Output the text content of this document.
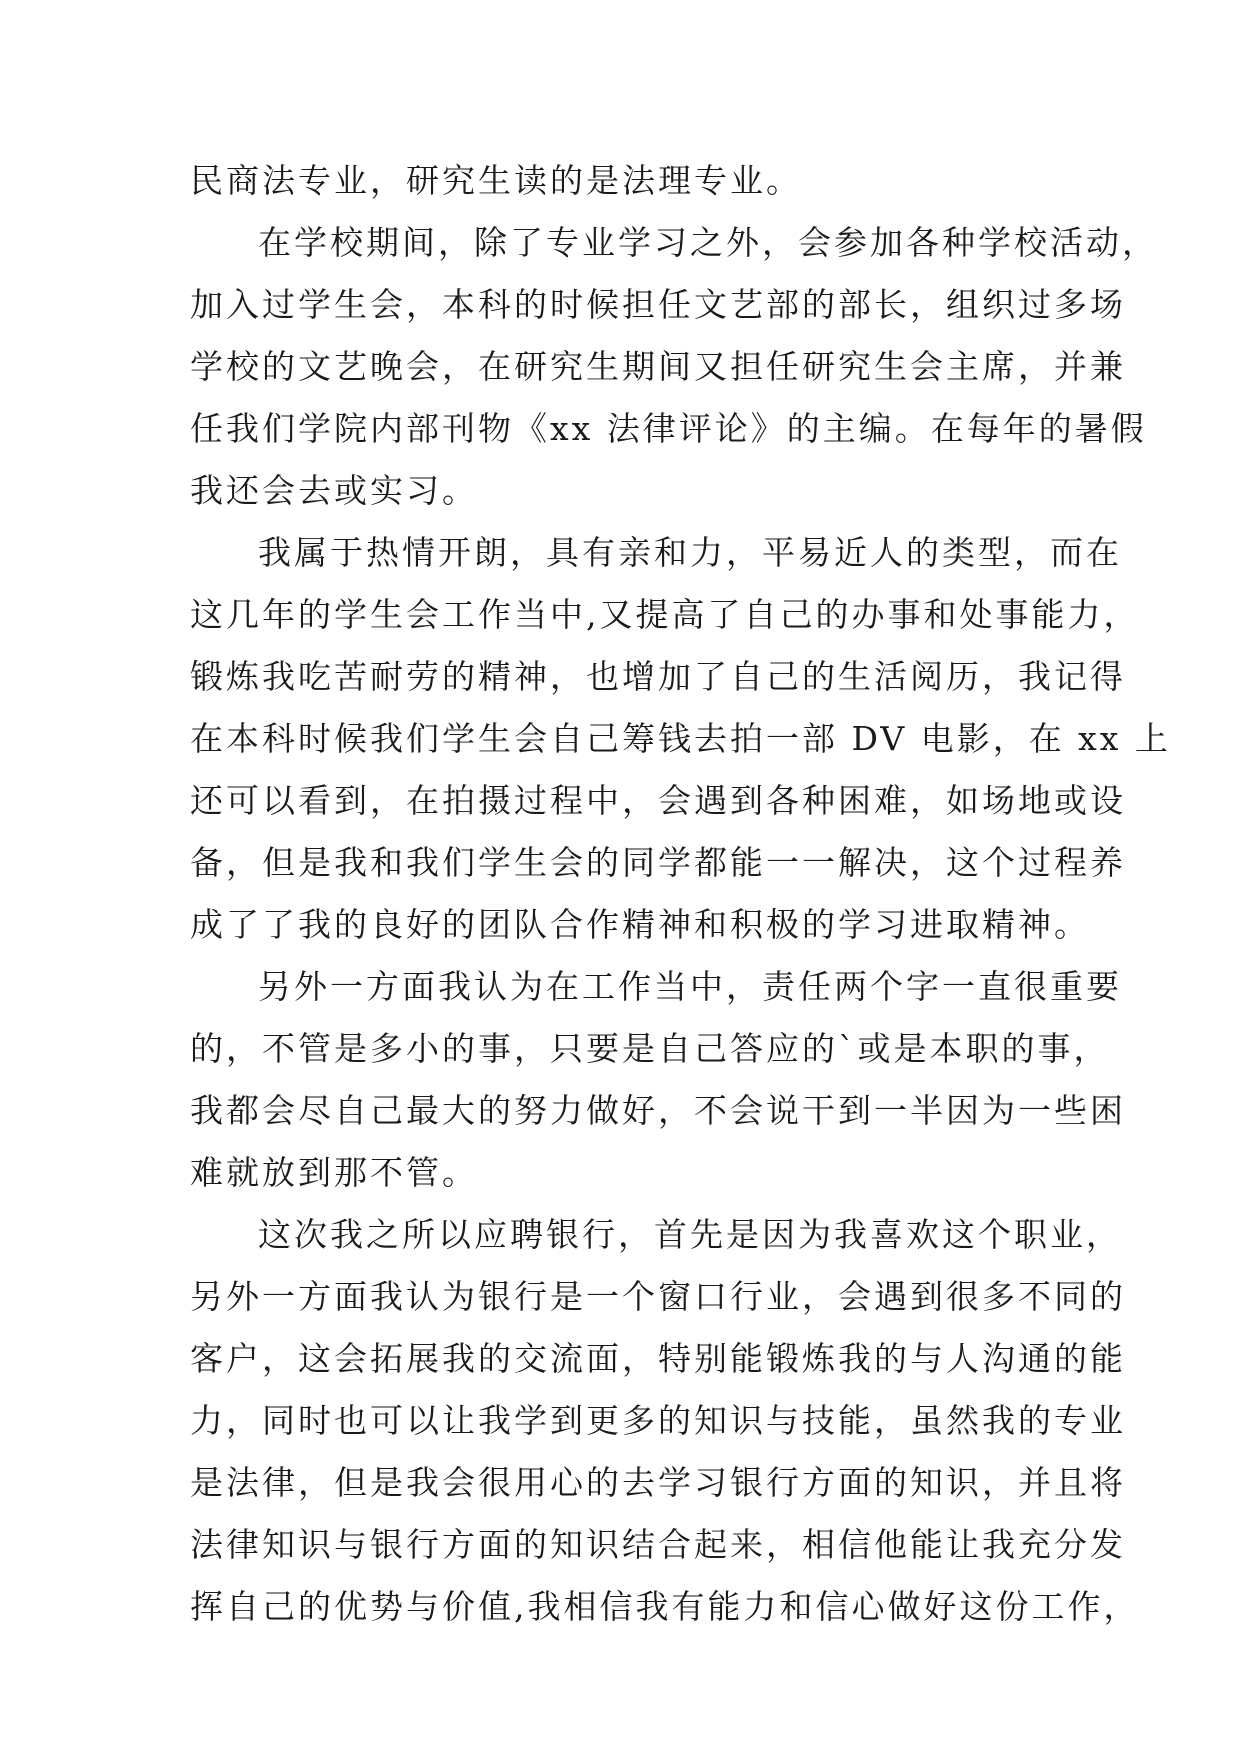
民商法专业，研究生读的是法理专业。
在学校期间，除了专业学习之外，会参加各种学校活动，
加入过学生会，本科的时候担任文艺部的部长，组织过多场
学校的文艺晚会，在研究生期间又担任研究生会主席，并兼
任我们学院内部刊物《xx 法律评论》的主编。在每年的暑假
我还会去或实习。
我属于热情开朗，具有亲和力，平易近人的类型，而在
这几年的学生会工作当中,又提高了自己的办事和处事能力，
锻炼我吃苦耐劳的精神，也增加了自己的生活阅历，我记得
在本科时候我们学生会自己筹钱去拍一部 DV 电影，在 xx 上
还可以看到，在拍摄过程中，会遇到各种困难，如场地或设
备，但是我和我们学生会的同学都能一一解决，这个过程养
成了了我的良好的团队合作精神和积极的学习进取精神。
另外一方面我认为在工作当中，责任两个字一直很重要
的，不管是多小的事，只要是自己答应的`或是本职的事，
我都会尽自己最大的努力做好，不会说干到一半因为一些困
难就放到那不管。
这次我之所以应聘银行，首先是因为我喜欢这个职业，
另外一方面我认为银行是一个窗口行业，会遇到很多不同的
客户，这会拓展我的交流面，特别能锻炼我的与人沟通的能
力，同时也可以让我学到更多的知识与技能，虽然我的专业
是法律，但是我会很用心的去学习银行方面的知识，并且将
法律知识与银行方面的知识结合起来，相信他能让我充分发
挥自己的优势与价值,我相信我有能力和信心做好这份工作，
